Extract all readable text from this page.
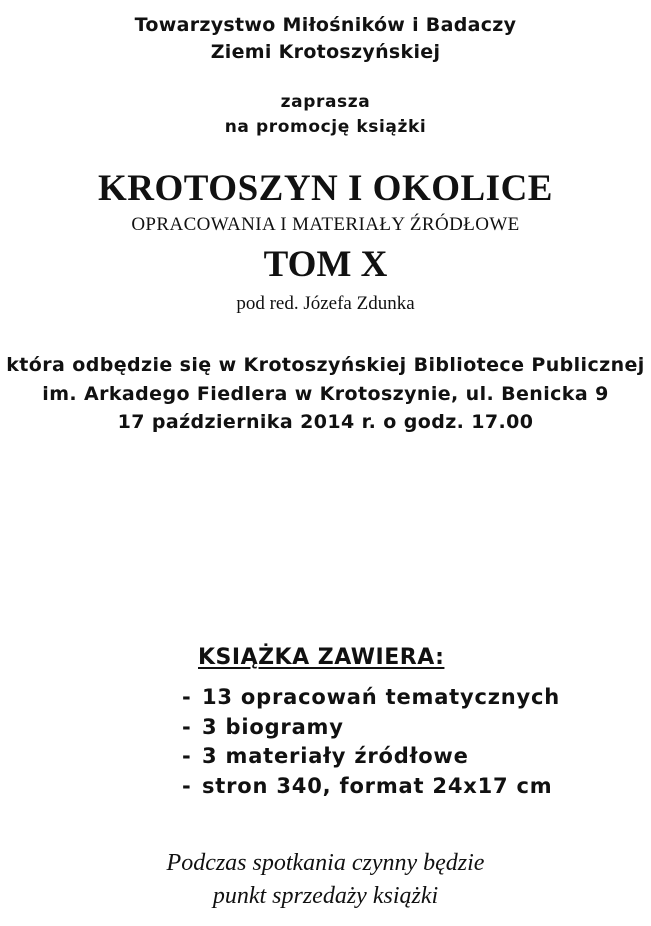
Towarzystwo Miłośników i Badaczy
Ziemi Krotoszyńskiej
zaprasza
na promocję książki
KROTOSZYN I OKOLICE
OPRACOWANIA I MATERIAŁY ŹRÓDŁOWE
TOM X
pod red. Józefa Zdunka
która odbędzie się w Krotoszyńskiej Bibliotece Publicznej
im. Arkadego Fiedlera w Krotoszynie, ul. Benicka 9
17 października 2014 r. o godz. 17.00
KSIĄŻKA ZAWIERA:
- 13 opracowań tematycznych
- 3 biogramy
- 3 materiały źródłowe
- stron 340, format 24x17 cm
Podczas spotkania czynny będzie
punkt sprzedaży książki
